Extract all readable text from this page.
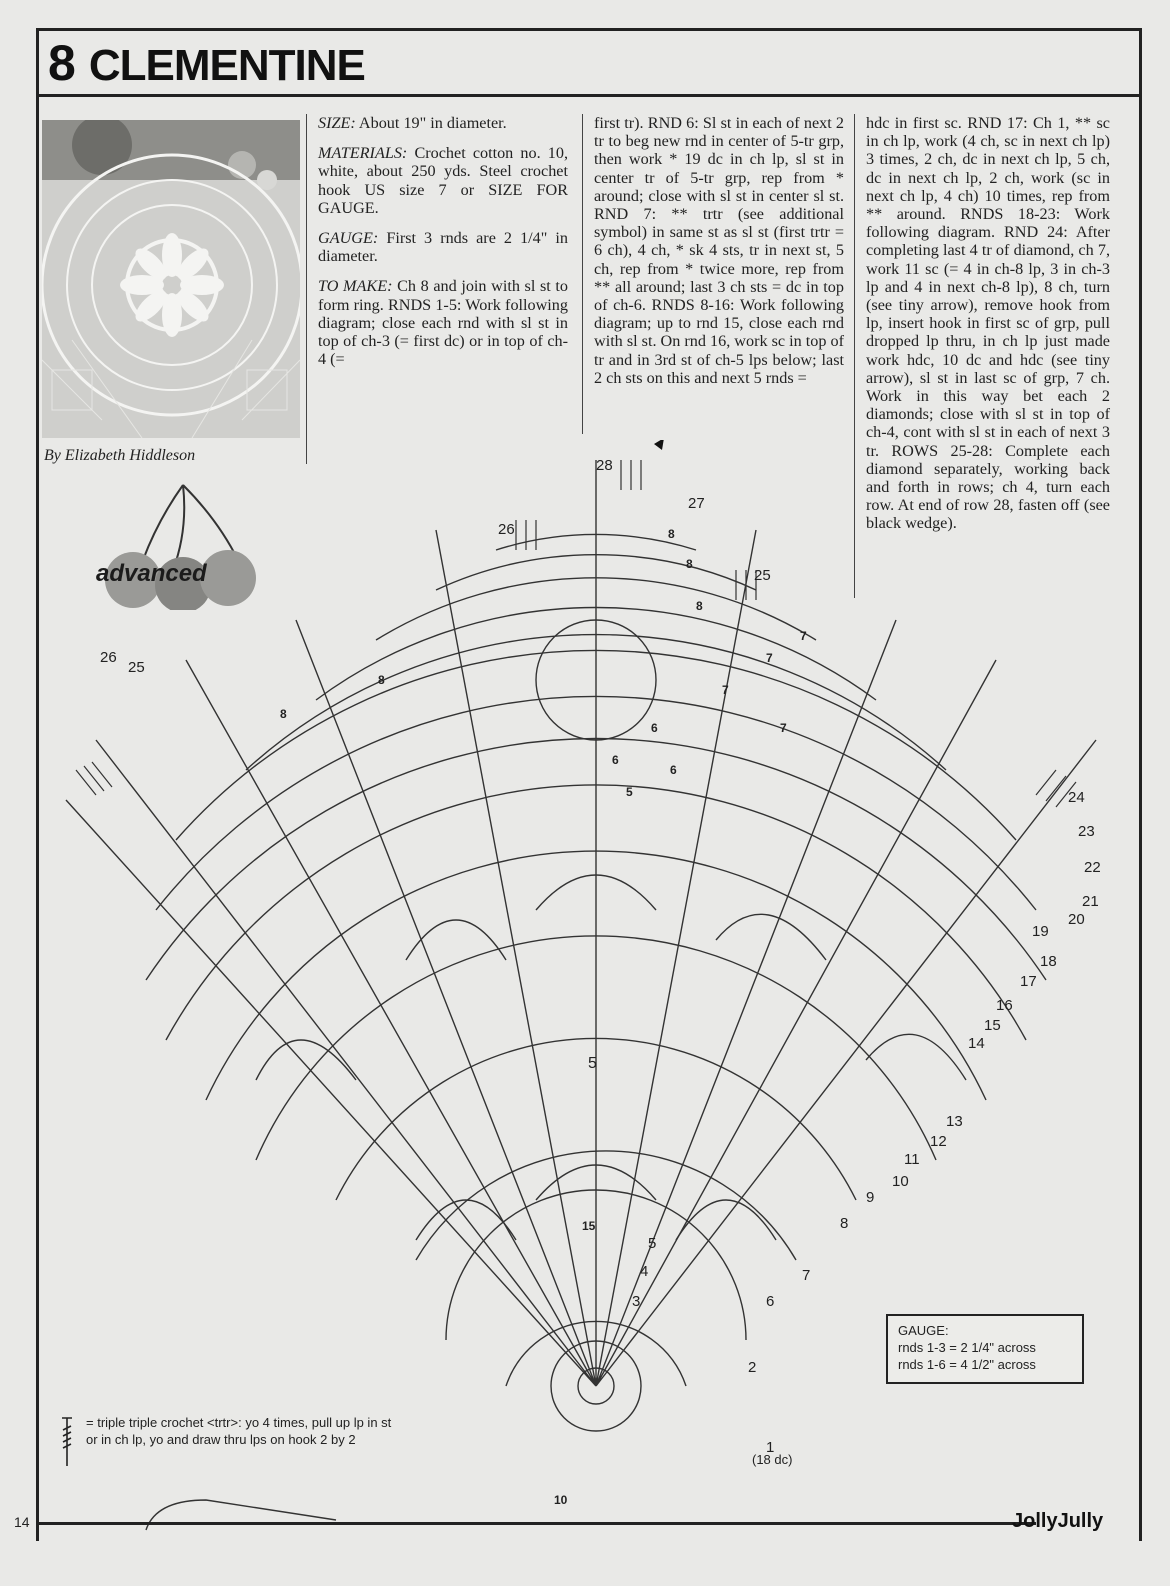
8 CLEMENTINE
By Elizabeth Hiddleson

SIZE: About 19" in diameter.

MATERIALS: Crochet cotton no. 10, white, about 250 yds. Steel crochet hook US size 7 or SIZE FOR GAUGE.

GAUGE: First 3 rnds are 2 1/4" in diameter.

TO MAKE: Ch 8 and join with sl st to form ring. RNDS 1-5: Work following diagram; close each rnd with sl st in top of ch-3 (= first dc) or in top of ch-4 (=

first tr). RND 6: Sl st in each of next 2 tr to beg new rnd in center of 5-tr grp, then work * 19 dc in ch lp, sl st in center tr of 5-tr grp, rep from * around; close with sl st in center sl st. RND 7: ** trtr (see additional symbol) in same st as sl st (first trtr = 6 ch), 4 ch, * sk 4 sts, tr in next st, 5 ch, rep from * twice more, rep from ** all around; last 3 ch sts = dc in top of ch-6. RNDS 8-16: Work following diagram; up to rnd 15, close each rnd with sl st. On rnd 16, work sc in top of tr and in 3rd st of ch-5 lps below; last 2 ch sts on this and next 5 rnds =
hdc in first sc. RND 17: Ch 1, ** sc in ch lp, work (4 ch, sc in next ch lp) 3 times, 2 ch, dc in next ch lp, 5 ch, dc in next ch lp, 2 ch, work (sc in next ch lp, 4 ch) 10 times, rep from ** around. RNDS 18-23: Work following diagram. RND 24: After completing last 4 tr of diamond, ch 7, work 11 sc (= 4 in ch-8 lp, 3 in ch-3 lp and 4 in next ch-8 lp), 8 ch, turn (see tiny arrow), remove hook from lp, insert hook in first sc of grp, pull dropped lp thru, in ch lp just made work hdc, 10 dc and hdc (see tiny arrow), sl st in last sc of grp, 7 ch. Work in this way bet each 2 diamonds; close with sl st in top of ch-4, cont with sl st in each of next 3 tr. ROWS 25-28: Complete each diamond separately, working back and forth in rows; ch 4, turn each row. At end of row 28, fasten off (see black wedge).
advanced
1
2
3
4
5
6
7
8
9
10
11
12
13
14
15
16
17
18
19
20
21
22
23
24
25
27
28
25
26
26
5
5
6
6
6
7
7
7
7
8
8
8
8
8
10
15
(18 dc)
GAUGE:
rnds 1-3 = 2 1/4" across
rnds 1-6 = 4 1/2" across
= triple triple crochet <trtr>: yo 4 times, pull up lp in st or in ch lp, yo and draw thru lps on hook 2 by 2
14	JollyJully
